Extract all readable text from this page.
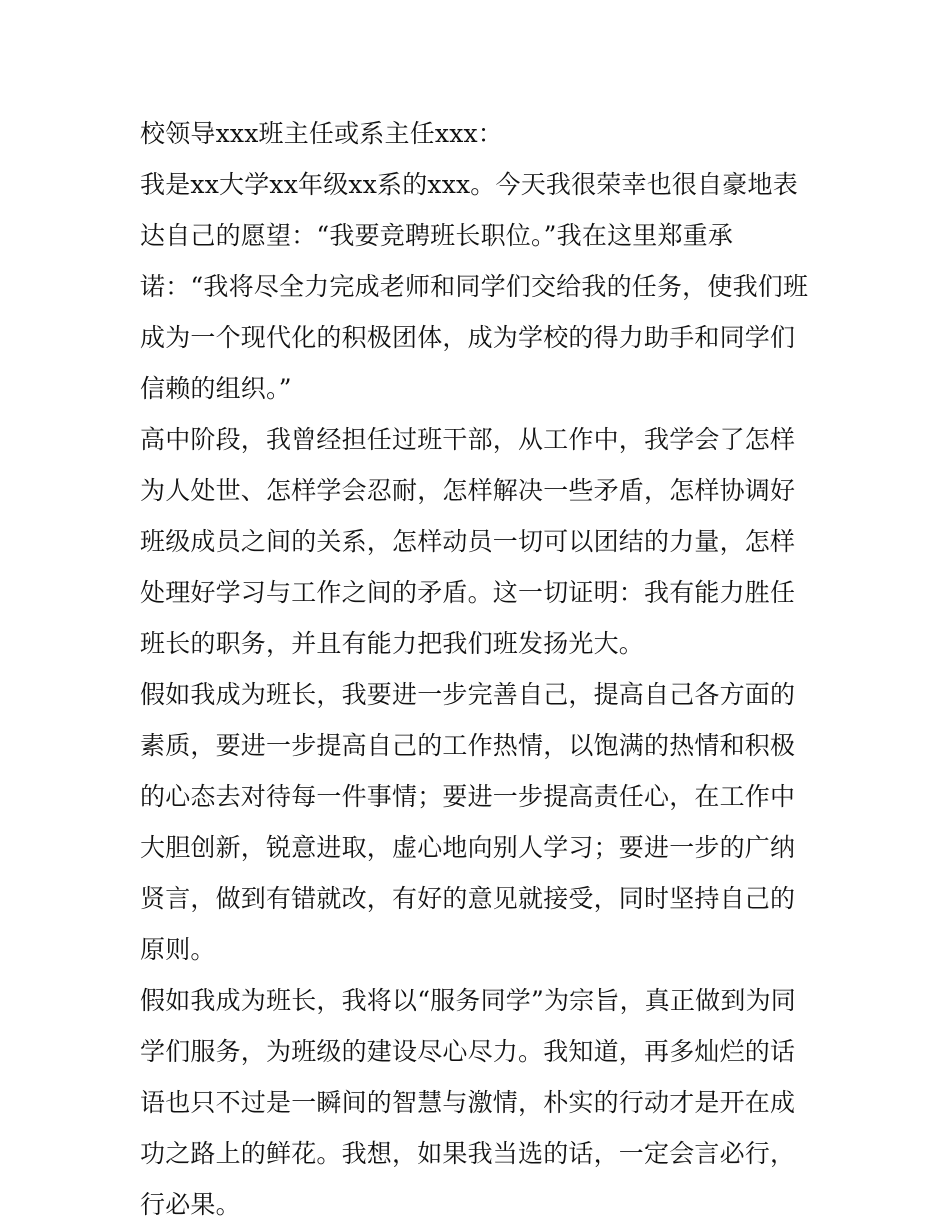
校领导xxx班主任或系主任xxx：

我是xx大学xx年级xx系的xxx。今天我很荣幸也很自豪地表达自己的愿望：“我要竞聘班长职位。”我在这里郑重承诺：“我将尽全力完成老师和同学们交给我的任务，使我们班成为一个现代化的积极团体，成为学校的得力助手和同学们信赖的组织。”

高中阶段，我曾经担任过班干部，从工作中，我学会了怎样为人处世、怎样学会忍耐，怎样解决一些矛盾，怎样协调好班级成员之间的关系，怎样动员一切可以团结的力量，怎样处理好学习与工作之间的矛盾。这一切证明：我有能力胜任班长的职务，并且有能力把我们班发扬光大。

假如我成为班长，我要进一步完善自己，提高自己各方面的素质，要进一步提高自己的工作热情，以饱满的热情和积极的心态去对待每一件事情；要进一步提高责任心，在工作中大胆创新，锐意进取，虚心地向别人学习；要进一步的广纳贤言，做到有错就改，有好的意见就接受，同时坚持自己的原则。

假如我成为班长，我将以“服务同学”为宗旨，真正做到为同学们服务，为班级的建设尽心尽力。我知道，再多灿烂的话语也只不过是一瞬间的智慧与激情，朴实的行动才是开在成功之路上的鲜花。我想，如果我当选的话，一定会言必行，行必果。
